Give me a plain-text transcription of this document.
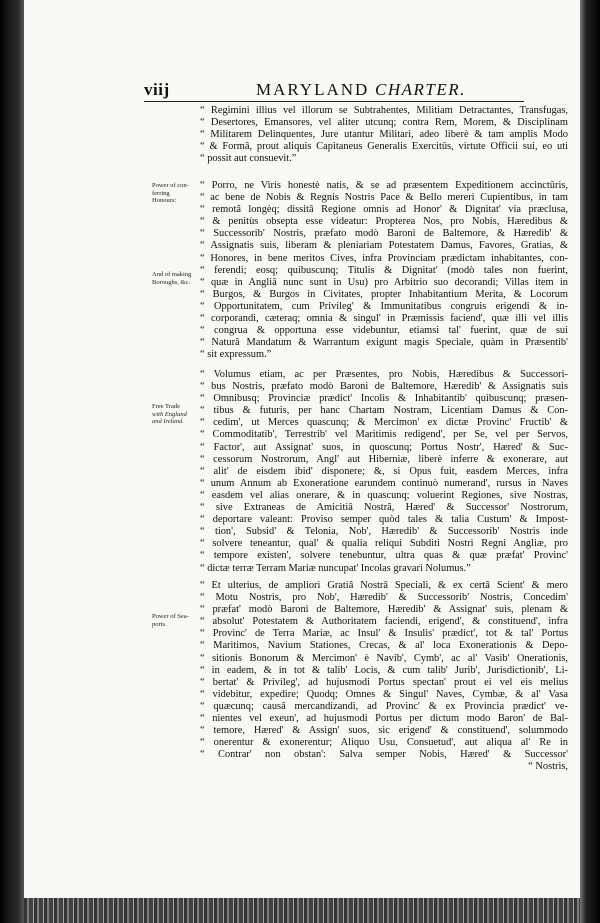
viij	MARYLAND CHARTER.
Power of con-
ferring
Honours:
And of making
Boroughs, &c.
Free Trade
with England
and Ireland.
Power of Sea-
ports.
“ Regimini illius vel illorum se Subtrahentes, Militiam Detractantes, Transfugas,
“ Desertores, Emansores, vel aliter utcunq; contra Rem, Morem, & Disciplinam
“ Militarem Delinquentes, Jure utantur Militari, adeo liberè & tam amplis Modo
“ & Formâ, prout aliquis Capitaneus Generalis Exercitûs, virtute Officii sui, eo uti
“ possit aut consuevit.”
“ Porro, ne Viris honestè natis, & se ad præsentem Expeditionem accinctûris,
“ ac bene de Nobis & Regnis Nostris Pace & Bello mereri Cupientibus, in tam
“ remotâ longèq; dissitâ Regione omnis ad Honor' & Dignitat' via præclusa,
“ & penitùs obsepta esse videatur: Propterea Nos, pro Nobis, Hæredibus &
“ Successorib' Nostris, præfato modò Baroni de Baltemore, & Hæredib' &
“ Assignatis suis, liberam & pleniariam Potestatem Damus, Favores, Gratias, &
“ Honores, in bene meritos Cives, infra Provinciam prædictam inhabitantes, con-
“ ferendi; eosq; quibuscunq; Titulis & Dignitat' (modò tales non fuerint,
“ quæ in Angliâ nunc sunt in Usu) pro Arbitrio suo decorandi; Villas item in
“ Burgos, & Burgos in Civitates, propter Inhabitantium Merita, & Locorum
“ Opportunitatem, cum Privileg' & Immunitatibus congruis erigendi & in-
“ corporandi, cæteraq; omnia & singul' in Præmissis faciend', quæ illi vel illis
“ congrua & opportuna esse videbuntur, etiamsi tal' fuerint, quæ de sui
“ Naturâ Mandatum & Warrantum exigunt magis Speciale, quàm in Præsentib'
“ sit expressum.”
“ Volumus etiam, ac per Præsentes, pro Nobis, Hæredibus & Successori-
“ bus Nostris, præfato modò Baroni de Baltemore, Hæredib' & Assignatis suis
“ Omnibusq; Provinciæ prædict' Incolis & Inhabitantib' quibuscunq; præsen-
“ tibus & futuris, per hanc Chartam Nostram, Licentiam Damus & Con-
“ cedim', ut Merces quascunq; & Mercimon' ex dictæ Provinc' Fructib' &
“ Commoditatib', Terrestrib' vel Maritimis redigend', per Se, vel per Servos,
“ Factor', aut Assignat' suos, in quoscunq; Portus Nostr', Hæred' & Suc-
“ cessorum Nostrorum, Angl' aut Hiberniæ, liberè inferre & exonerare, aut
“ alit' de eisdem ibid' disponere; &, si Opus fuit, easdem Merces, infra
“ unum Annum ab Exoneratione earundem continuò numerand', rursus in Naves
“ easdem vel alias onerare, & in quascunq; voluerint Regiones, sive Nostras,
“ sive Extraneas de Amicitiâ Nostrâ, Hæred' & Successor' Nostrorum,
“ deportare valeant: Proviso semper quòd tales & talia Custum' & Impost-
“ tion', Subsid' & Telonia, Nob', Hæredib' & Successorib' Nostris inde
“ solvere teneantur, qual' & qualia reliqui Subditi Nostri Regni Angliæ, pro
“ tempore existen', solvere tenebuntur, ultra quas & quæ præfat' Provinc'
“ dictæ terræ Terram Mariæ nuncupat' Incolas gravari Nolumus.”
“ Et ulterius, de ampliori Gratiâ Nostrâ Speciali, & ex certâ Scient' & mero
“ Motu Nostris, pro Nob', Hæredib' & Successorib' Nostris, Concedim'
“ præfat' modò Baroni de Baltemore, Hæredib' & Assignat' suis, plenam &
“ absolut' Potestatem & Authoritatem faciendi, erigend', & constituend', infra
“ Provinc' de Terra Mariæ, ac Insul' & Insulis' prædict', tot & tal' Portus
“ Maritimos, Navium Stationes, Crecas, & al' loca Exonerationis & Depo-
“ sitionis Bonorum & Mercimon' è Navib', Cymb', ac al' Vasib' Onerationis,
“ in eadem, & in tot & talib' Locis, & cum talib' Jurib', Jurisdictionib', Li-
“ bertat' & Privileg', ad hujusmodi Portus spectan' prout ei vel eis melius
“ videbitur, expedire; Quodq; Omnes & Singul' Naves, Cymbæ, & al' Vasa
“ quæcunq; causâ mercandizandi, ad Provinc' & ex Provincia prædict' ve-
“ nientes vel exeun', ad hujusmodi Portus per dictum modo Baron' de Bal-
“ temore, Hæred' & Assign' suos, sic erigend' & constituend', solummodo
“ onerentur & exonerentur; Aliquo Usu, Consuetud', aut aliqua al' Re in
“ Contrar' non obstan': Salva semper Nobis, Hæred' & Successor'
“ Nostris,
